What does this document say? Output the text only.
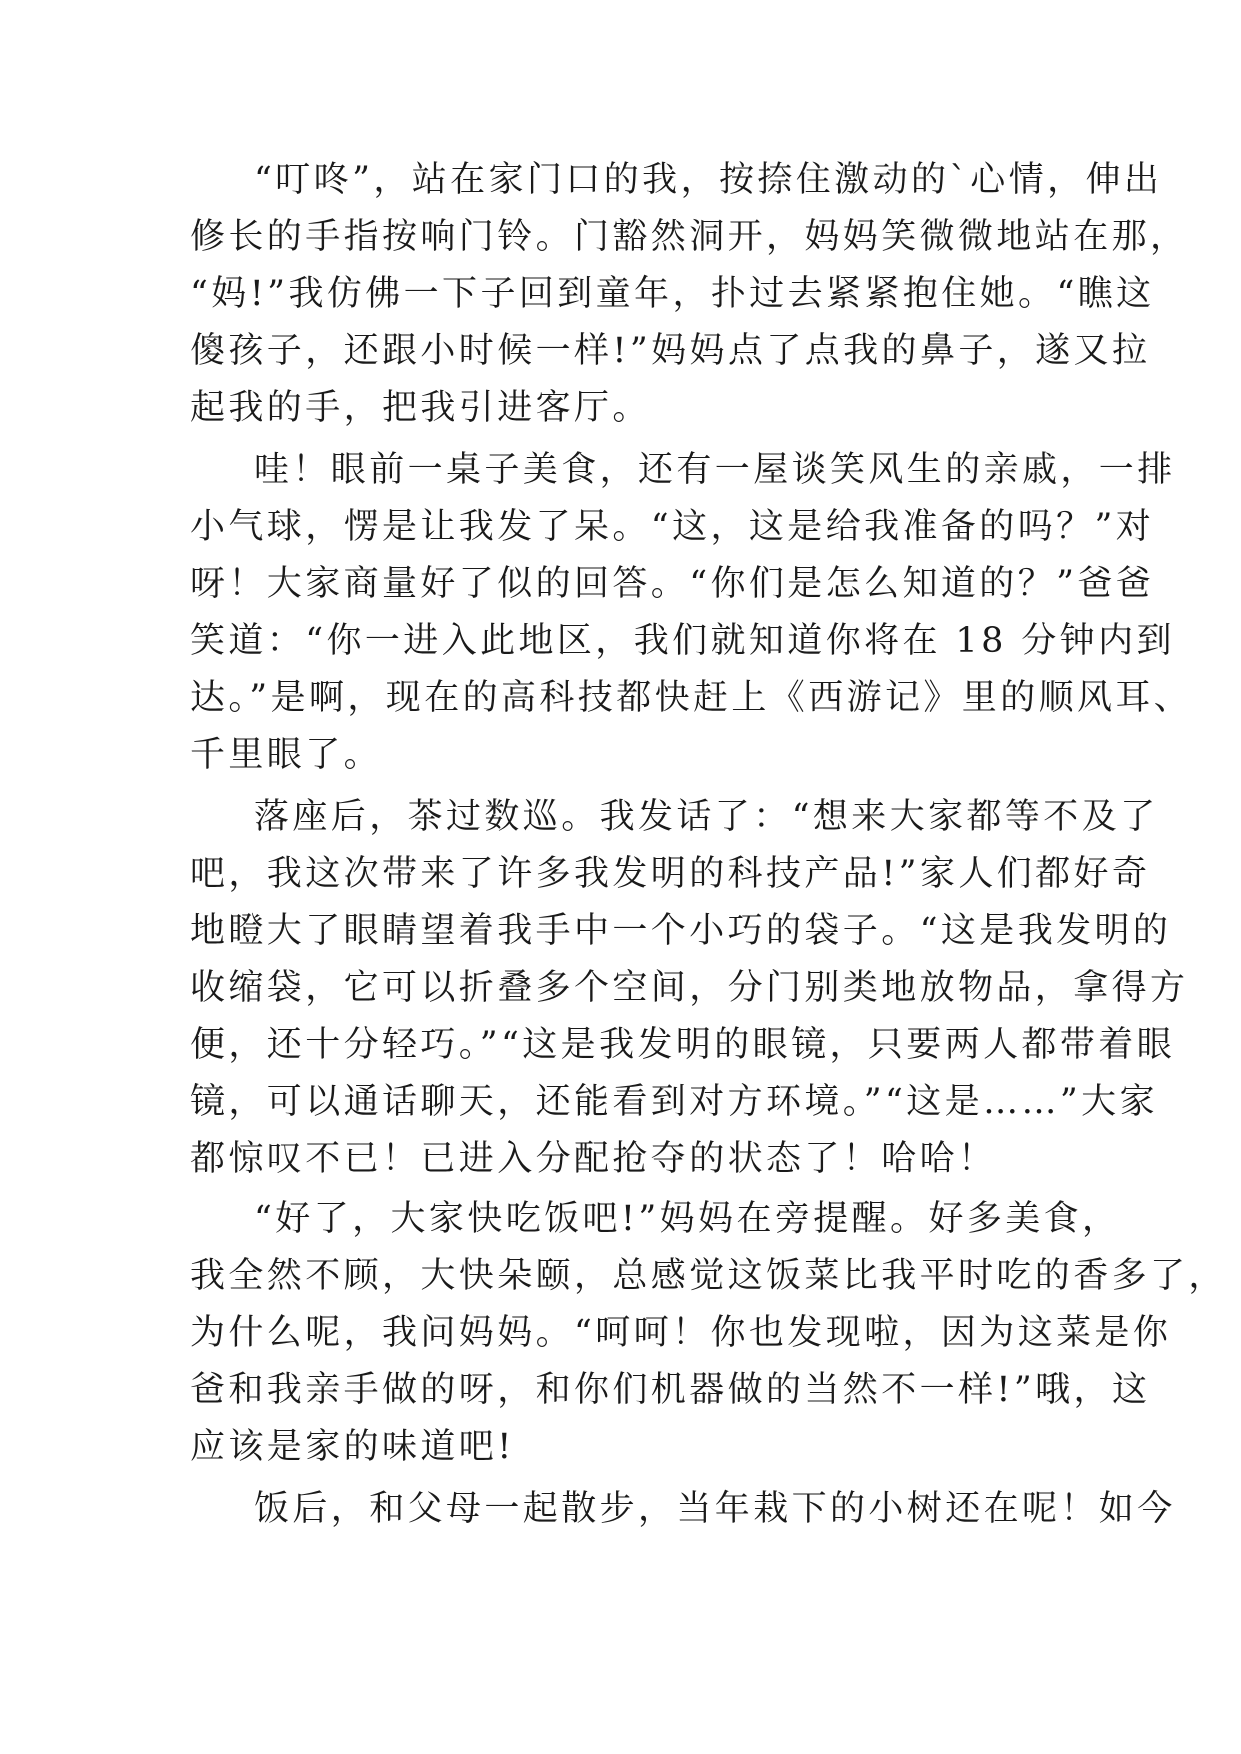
“叮咚”，站在家门口的我，按捺住激动的`心情，伸出
修长的手指按响门铃。门豁然洞开，妈妈笑微微地站在那，
“妈!”我仿佛一下子回到童年，扑过去紧紧抱住她。“瞧这
傻孩子，还跟小时候一样!”妈妈点了点我的鼻子，遂又拉
起我的手，把我引进客厅。
哇！眼前一桌子美食，还有一屋谈笑风生的亲戚，一排
小气球，愣是让我发了呆。“这，这是给我准备的吗？”对
呀！大家商量好了似的回答。“你们是怎么知道的？”爸爸
笑道：“你一进入此地区，我们就知道你将在 18 分钟内到
达。”是啊，现在的高科技都快赶上《西游记》里的顺风耳、
千里眼了。
落座后，茶过数巡。我发话了：“想来大家都等不及了
吧，我这次带来了许多我发明的科技产品!”家人们都好奇
地瞪大了眼睛望着我手中一个小巧的袋子。“这是我发明的
收缩袋，它可以折叠多个空间，分门别类地放物品，拿得方
便，还十分轻巧。”“这是我发明的眼镜，只要两人都带着眼
镜，可以通话聊天，还能看到对方环境。”“这是……”大家
都惊叹不已！已进入分配抢夺的状态了！哈哈！
“好了，大家快吃饭吧!”妈妈在旁提醒。好多美食，
我全然不顾，大快朵颐，总感觉这饭菜比我平时吃的香多了，
为什么呢，我问妈妈。“呵呵！你也发现啦，因为这菜是你
爸和我亲手做的呀，和你们机器做的当然不一样!”哦，这
应该是家的味道吧!
饭后，和父母一起散步，当年栽下的小树还在呢！如今
